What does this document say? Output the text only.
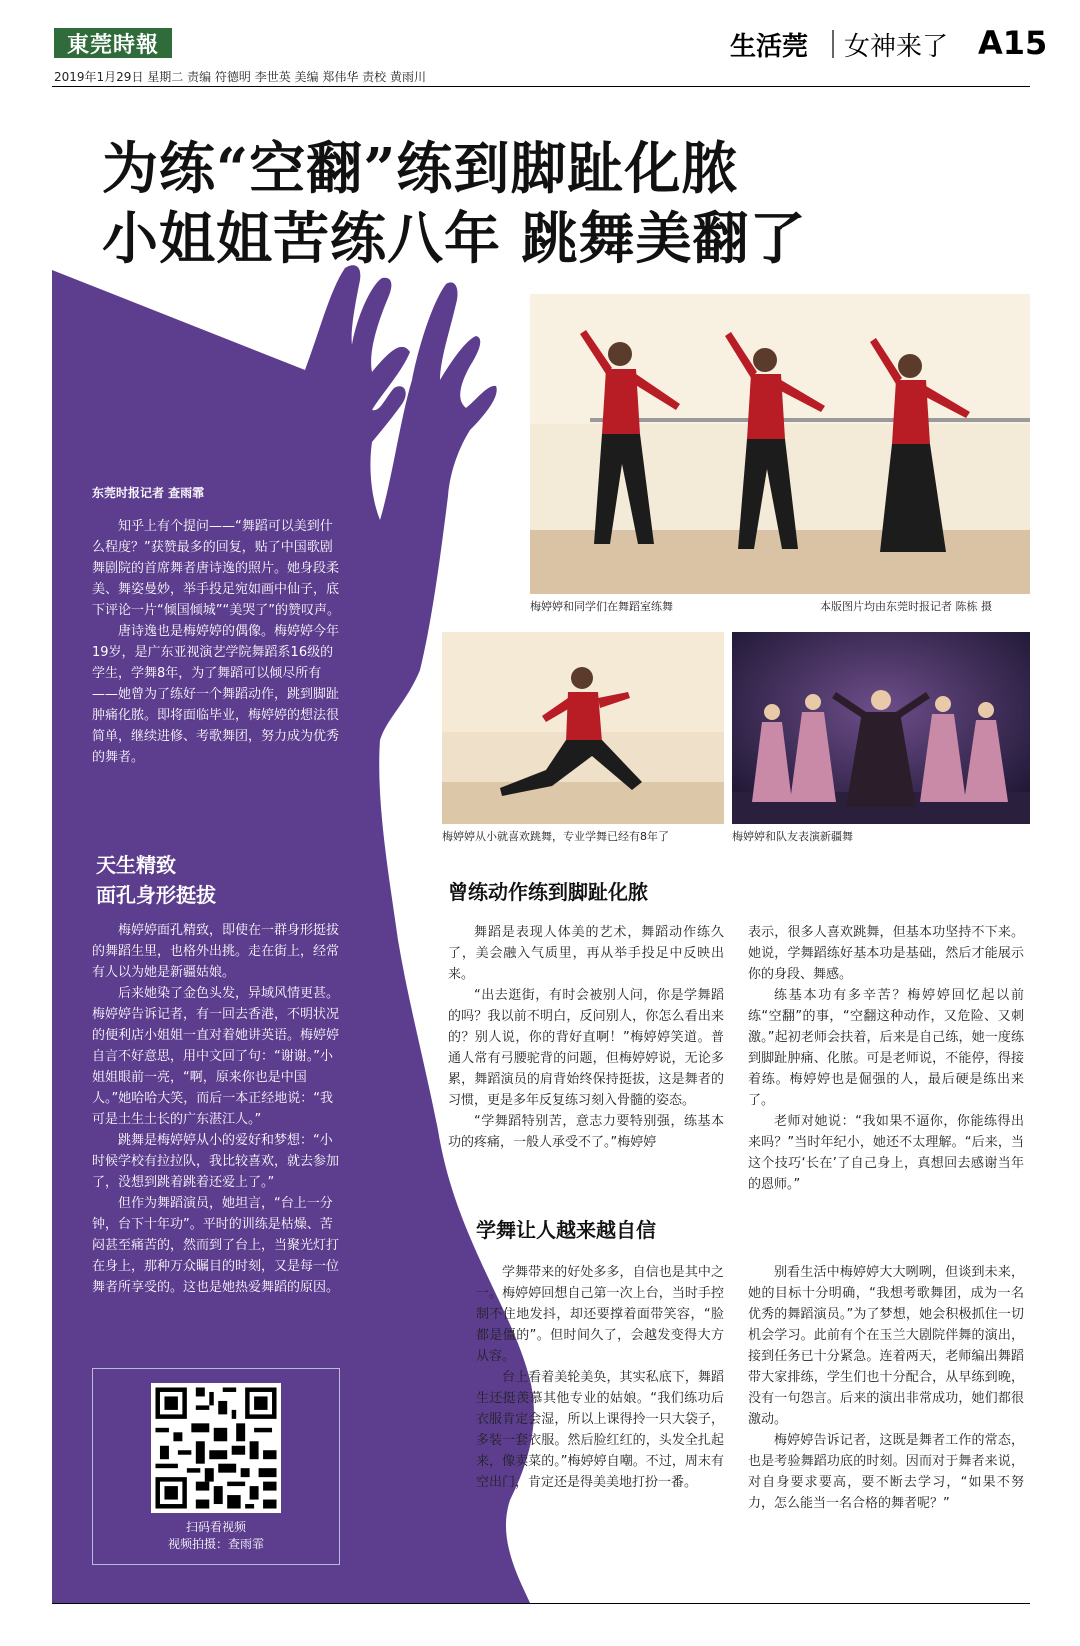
東莞時報	生活莞 女神来了 A15
2019年1月29日 星期二 责编 符德明 李世英 美编 郑伟华 责校 黄雨川
为练“空翻”练到脚趾化脓
小姐姐苦练八年 跳舞美翻了
东莞时报记者 查雨霏

知乎上有个提问——“舞蹈可以美到什么程度？”获赞最多的回复，贴了中国歌剧舞剧院的首席舞者唐诗逸的照片。她身段柔美、舞姿曼妙，举手投足宛如画中仙子，底下评论一片“倾国倾城”“美哭了”的赞叹声。

唐诗逸也是梅婷婷的偶像。梅婷婷今年19岁，是广东亚视演艺学院舞蹈系16级的学生，学舞8年，为了舞蹈可以倾尽所有——她曾为了练好一个舞蹈动作，跳到脚趾肿痛化脓。即将面临毕业，梅婷婷的想法很简单，继续进修、考歌舞团，努力成为优秀的舞者。

天生精致
面孔身形挺拔

梅婷婷面孔精致，即使在一群身形挺拔的舞蹈生里，也格外出挑。走在街上，经常有人以为她是新疆姑娘。

后来她染了金色头发，异域风情更甚。梅婷婷告诉记者，有一回去香港，不明状况的便利店小姐姐一直对着她讲英语。梅婷婷自言不好意思，用中文回了句：“谢谢。”小姐姐眼前一亮，“啊，原来你也是中国人。”她哈哈大笑，而后一本正经地说：“我可是土生土长的广东湛江人。”

跳舞是梅婷婷从小的爱好和梦想：“小时候学校有拉拉队，我比较喜欢，就去参加了，没想到跳着跳着还爱上了。”

但作为舞蹈演员，她坦言，“台上一分钟，台下十年功”。平时的训练是枯燥、苦闷甚至痛苦的，然而到了台上，当聚光灯打在身上，那种万众瞩目的时刻，又是每一位舞者所享受的。这也是她热爱舞蹈的原因。

扫码看视频
视频拍摄：查雨霏
梅婷婷和同学们在舞蹈室练舞	本版图片均由东莞时报记者 陈栋 摄
梅婷婷从小就喜欢跳舞，专业学舞已经有8年了	梅婷婷和队友表演新疆舞
曾练动作练到脚趾化脓

舞蹈是表现人体美的艺术，舞蹈动作练久了，美会融入气质里，再从举手投足中反映出来。

“出去逛街，有时会被别人问，你是学舞蹈的吗？我以前不明白，反问别人，你怎么看出来的？别人说，你的背好直啊！”梅婷婷笑道。普通人常有弓腰驼背的问题，但梅婷婷说，无论多累，舞蹈演员的肩背始终保持挺拔，这是舞者的习惯，更是多年反复练习刻入骨髓的姿态。

“学舞蹈特别苦，意志力要特别强，练基本功的疼痛，一般人承受不了。”梅婷婷

表示，很多人喜欢跳舞，但基本功坚持不下来。她说，学舞蹈练好基本功是基础，然后才能展示你的身段、舞感。

练基本功有多辛苦？梅婷婷回忆起以前练“空翻”的事，“空翻这种动作，又危险、又刺激。”起初老师会扶着，后来是自己练，她一度练到脚趾肿痛、化脓。可是老师说，不能停，得接着练。梅婷婷也是倔强的人，最后硬是练出来了。

老师对她说：“我如果不逼你，你能练得出来吗？”当时年纪小，她还不太理解。“后来，当这个技巧‘长在’了自己身上，真想回去感谢当年的恩师。”

学舞让人越来越自信

学舞带来的好处多多，自信也是其中之一。梅婷婷回想自己第一次上台，当时手控制不住地发抖，却还要撑着面带笑容，“脸都是僵的”。但时间久了，会越发变得大方从容。

台上看着美轮美奂，其实私底下，舞蹈生还挺羡慕其他专业的姑娘。“我们练功后衣服肯定会湿，所以上课得拎一只大袋子，多装一套衣服。然后脸红红的，头发全扎起来，像卖菜的。”梅婷婷自嘲。不过，周末有空出门，肯定还是得美美地打扮一番。

别看生活中梅婷婷大大咧咧，但谈到未来，她的目标十分明确，“我想考歌舞团，成为一名优秀的舞蹈演员。”为了梦想，她会积极抓住一切机会学习。此前有个在玉兰大剧院伴舞的演出，接到任务已十分紧急。连着两天，老师编出舞蹈带大家排练，学生们也十分配合，从早练到晚，没有一句怨言。后来的演出非常成功，她们都很激动。

梅婷婷告诉记者，这既是舞者工作的常态，也是考验舞蹈功底的时刻。因而对于舞者来说，对自身要求要高，要不断去学习，“如果不努力，怎么能当一名合格的舞者呢？”
